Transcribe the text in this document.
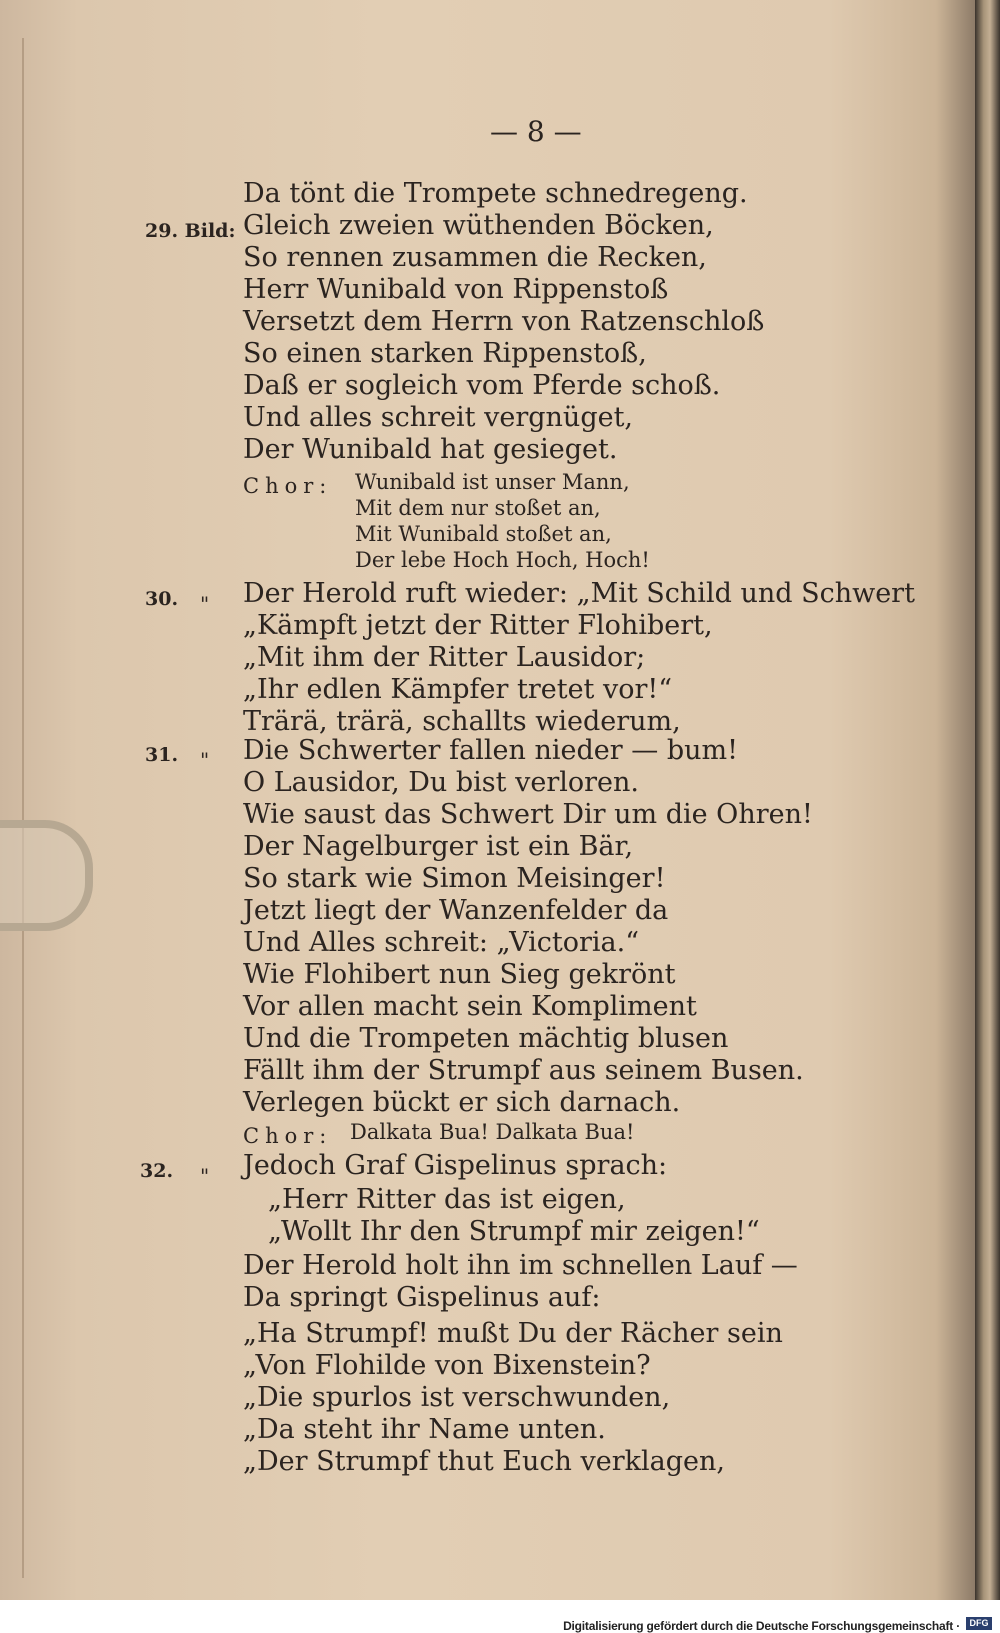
— 8 —
Da tönt die Trompete schnedregeng.
29. Bild: Gleich zweien wüthenden Böcken,
So rennen zusammen die Recken,
Herr Wunibald von Rippenstoß
Versetzt dem Herrn von Ratzenschloß
So einen starken Rippenstoß,
Daß er sogleich vom Pferde schoß.
Und alles schreit vergnüget,
Der Wunibald hat gesieget.
Chor: Wunibald ist unser Mann,
Mit dem nur stoßet an,
Mit Wunibald stoßet an,
Der lebe Hoch Hoch, Hoch!
30. " Der Herold ruft wieder: „Mit Schild und Schwert
„Kämpft jetzt der Ritter Flohibert,
„Mit ihm der Ritter Lausidor;
„Ihr edlen Kämpfer tretet vor!“
Trärä, trärä, schallts wiederum,
31. " Die Schwerter fallen nieder — bum!
O Lausidor, Du bist verloren.
Wie saust das Schwert Dir um die Ohren!
Der Nagelburger ist ein Bär,
So stark wie Simon Meisinger!
Jetzt liegt der Wanzenfelder da
Und Alles schreit: „Victoria.“
Wie Flohibert nun Sieg gekrönt
Vor allen macht sein Kompliment
Und die Trompeten mächtig blusen
Fällt ihm der Strumpf aus seinem Busen.
Verlegen bückt er sich darnach.
Chor: Dalkata Bua! Dalkata Bua!
32. " Jedoch Graf Gispelinus sprach:
„Herr Ritter das ist eigen,
„Wollt Ihr den Strumpf mir zeigen!“
Der Herold holt ihn im schnellen Lauf —
Da springt Gispelinus auf:
„Ha Strumpf! mußt Du der Rächer sein
„Von Flohilde von Bixenstein?
„Die spurlos ist verschwunden,
„Da steht ihr Name unten.
„Der Strumpf thut Euch verklagen,
Digitalisierung gefördert durch die Deutsche Forschungsgemeinschaft ·	DFG
